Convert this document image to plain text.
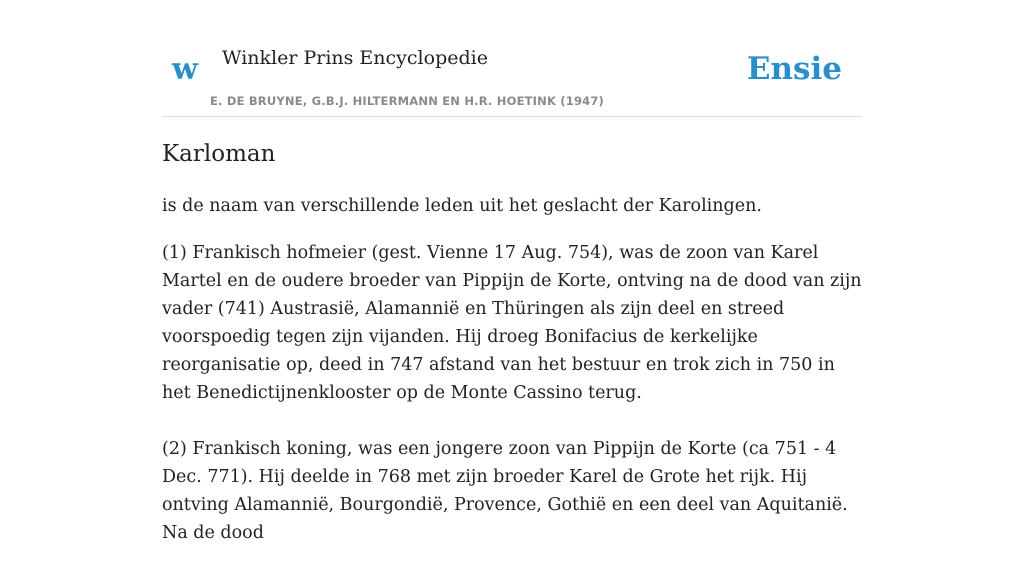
w Winkler Prins Encyclopedie
E. DE BRUYNE, G.B.J. HILTERMANN EN H.R. HOETINK (1947)
Ensie
Karloman

is de naam van verschillende leden uit het geslacht der Karolingen.

(1) Frankisch hofmeier (gest. Vienne 17 Aug. 754), was de zoon van Karel Martel en de oudere broeder van Pippijn de Korte, ontving na de dood van zijn vader (741) Austrasië, Alamannië en Thüringen als zijn deel en streed voorspoedig tegen zijn vijanden. Hij droeg Bonifacius de kerkelijke reorganisatie op, deed in 747 afstand van het bestuur en trok zich in 750 in het Benedictijnenklooster op de Monte Cassino terug.

(2) Frankisch koning, was een jongere zoon van Pippijn de Korte (ca 751 - 4 Dec. 771). Hij deelde in 768 met zijn broeder Karel de Grote het rijk. Hij ontving Alamannië, Bourgondië, Provence, Gothië en een deel van Aquitanië. Na de dood
